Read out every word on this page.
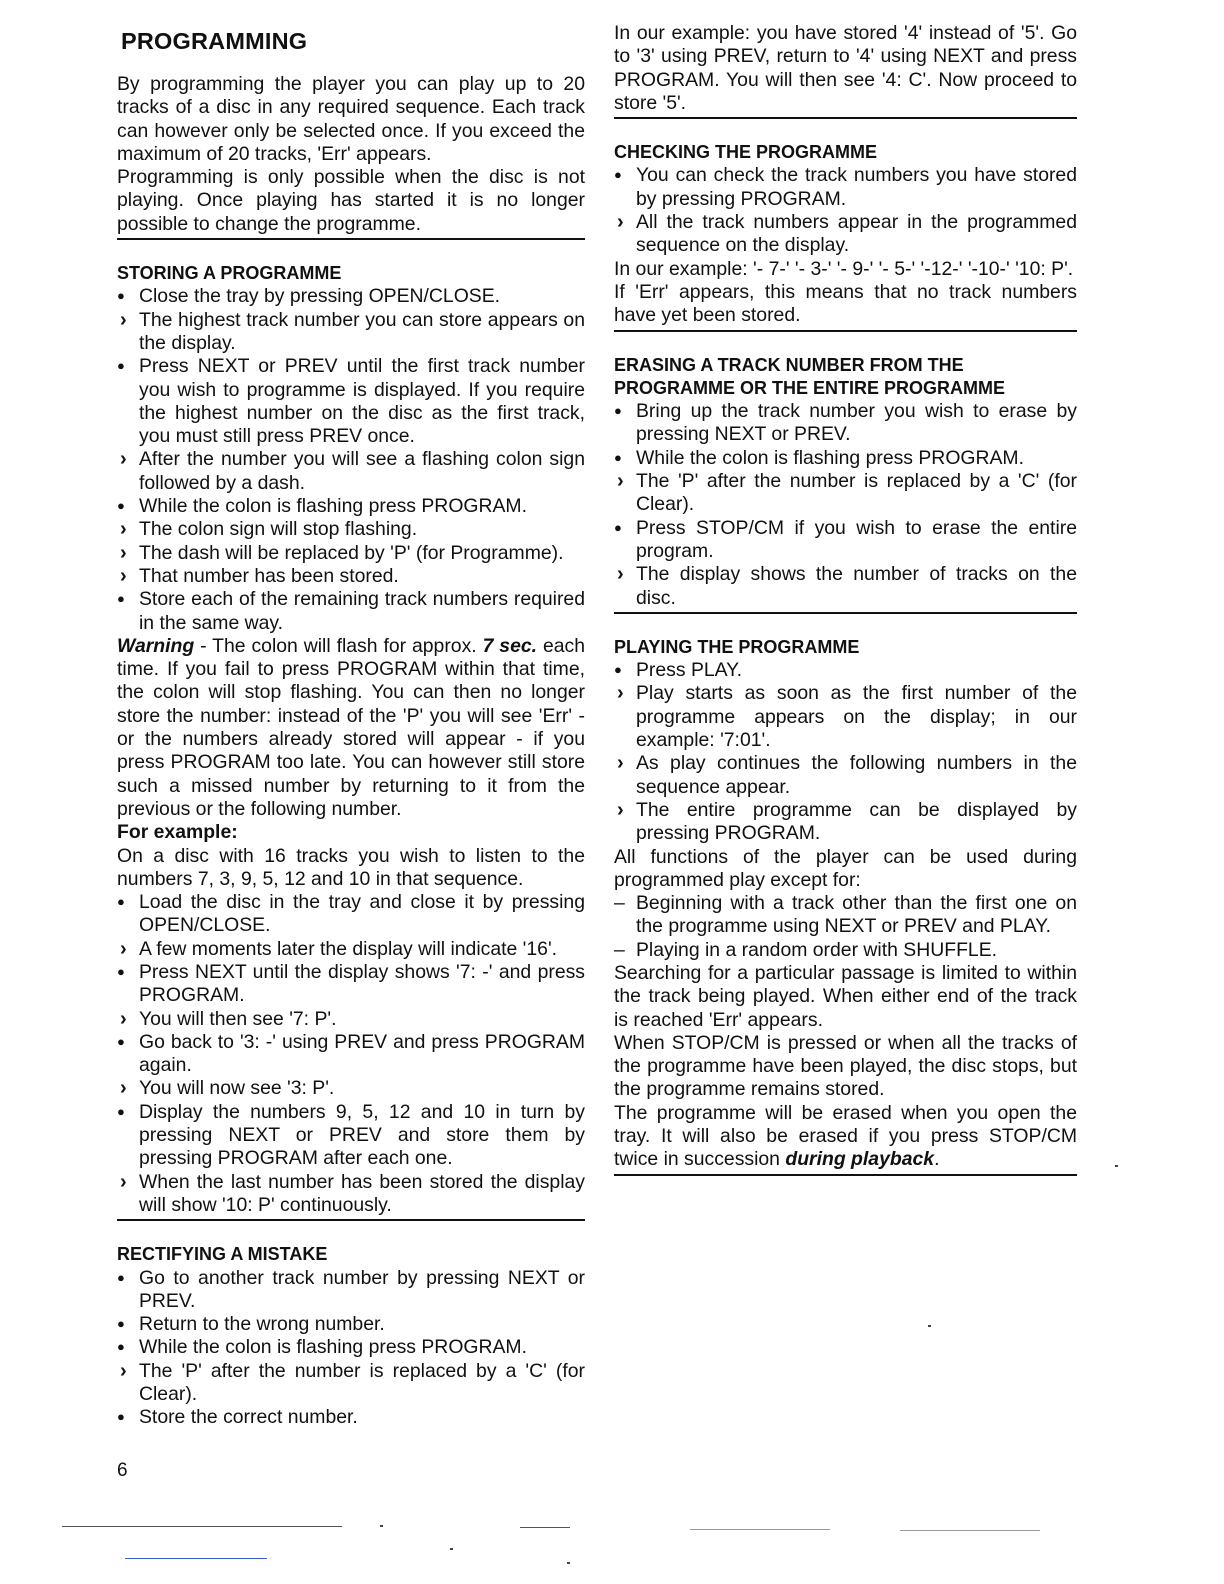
PROGRAMMING

By programming the player you can play up to 20 tracks of a disc in any required sequence. Each track can however only be selected once. If you exceed the maximum of 20 tracks, 'Err' appears.

Programming is only possible when the disc is not playing. Once playing has started it is no longer possible to change the programme.

STORING A PROGRAMME
●
Close the tray by pressing OPEN/CLOSE.
›
The highest track number you can store appears on the display.
●
Press NEXT or PREV until the first track number you wish to programme is displayed. If you require the highest number on the disc as the first track, you must still press PREV once.
›
After the number you will see a flashing colon sign followed by a dash.
●
While the colon is flashing press PROGRAM.
›
The colon sign will stop flashing.
›
The dash will be replaced by 'P' (for Programme).
›
That number has been stored.
●
Store each of the remaining track numbers required in the same way.

Warning - The colon will flash for approx. 7 sec. each time. If you fail to press PROGRAM within that time, the colon will stop flashing. You can then no longer store the number: instead of the 'P' you will see 'Err' - or the numbers already stored will appear - if you press PROGRAM too late. You can however still store such a missed number by returning to it from the previous or the following number.

For example:

On a disc with 16 tracks you wish to listen to the numbers 7, 3, 9, 5, 12 and 10 in that sequence.

●
Load the disc in the tray and close it by pressing OPEN/CLOSE.
›
A few moments later the display will indicate '16'.
●
Press NEXT until the display shows '7: -' and press PROGRAM.
›
You will then see '7: P'.
●
Go back to '3: -' using PREV and press PROGRAM again.
›
You will now see '3: P'.
●
Display the numbers 9, 5, 12 and 10 in turn by pressing NEXT or PREV and store them by pressing PROGRAM after each one.
›
When the last number has been stored the display will show '10: P' continuously.
RECTIFYING A MISTAKE
●
Go to another track number by pressing NEXT or PREV.
●
Return to the wrong number.
●
While the colon is flashing press PROGRAM.
›
The 'P' after the number is replaced by a 'C' (for Clear).
●
Store the correct number.

In our example: you have stored '4' instead of '5'. Go to '3' using PREV, return to '4' using NEXT and press PROGRAM. You will then see '4: C'. Now proceed to store '5'.

CHECKING THE PROGRAMME
●
You can check the track numbers you have stored by pressing PROGRAM.
›
All the track numbers appear in the programmed sequence on the display.

In our example: '- 7-' '- 3-' '- 9-' '- 5-' '-12-' '-10-' '10: P'.

If 'Err' appears, this means that no track numbers have yet been stored.

ERASING A TRACK NUMBER FROM THE
PROGRAMME OR THE ENTIRE PROGRAMME
●
Bring up the track number you wish to erase by pressing NEXT or PREV.
●
While the colon is flashing press PROGRAM.
›
The 'P' after the number is replaced by a 'C' (for Clear).
●
Press STOP/CM if you wish to erase the entire program.
›
The display shows the number of tracks on the disc.
PLAYING THE PROGRAMME
●
Press PLAY.
›
Play starts as soon as the first number of the programme appears on the display; in our example: '7:01'.
›
As play continues the following numbers in the sequence appear.
›
The entire programme can be displayed by pressing PROGRAM.

All functions of the player can be used during programmed play except for:

–
Beginning with a track other than the first one on the programme using NEXT or PREV and PLAY.
–
Playing in a random order with SHUFFLE.

Searching for a particular passage is limited to within the track being played. When either end of the track is reached 'Err' appears.

When STOP/CM is pressed or when all the tracks of the programme have been played, the disc stops, but the programme remains stored.

The programme will be erased when you open the tray. It will also be erased if you press STOP/CM twice in succession during playback.

6
